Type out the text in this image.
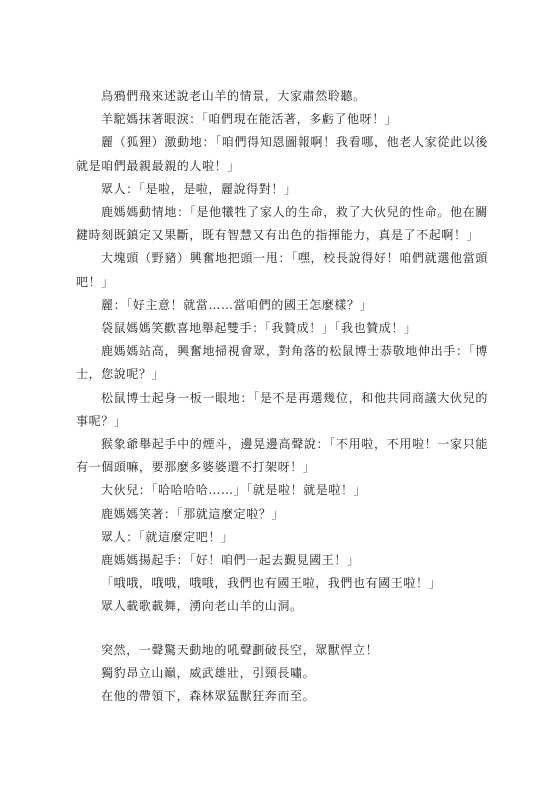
烏鴉們飛來述說老山羊的情景，大家肅然聆聽。

羊駝媽抹著眼淚：「咱們現在能活著，多虧了他呀！」

麗（狐狸）激動地：「咱們得知恩圖報啊！我看哪，他老人家從此以後就是咱們最親最親的人啦！」

眾人：「是啦，是啦，麗說得對！」

鹿媽媽動情地：「是他犧牲了家人的生命，救了大伙兒的性命。他在關鍵時刻既鎮定又果斷，既有智慧又有出色的指揮能力，真是了不起啊！」

大塊頭（野豬）興奮地把頭一甩：「嘿，校長說得好！咱們就選他當頭吧！」

麗：「好主意！就當……當咱們的國王怎麼樣？」

袋鼠媽媽笑歡喜地舉起雙手：「我贊成！」「我也贊成！」

鹿媽媽站高，興奮地掃視會眾，對角落的松鼠博士恭敬地伸出手：「博士，您說呢？」

松鼠博士起身一板一眼地：「是不是再選幾位，和他共同商議大伙兒的事呢？」

猴象爺舉起手中的煙斗，邊晃邊高聲說：「不用啦，不用啦！一家只能有一個頭嘛，要那麼多婆婆還不打架呀！」

大伙兒：「哈哈哈哈……」「就是啦！就是啦！」

鹿媽媽笑著：「那就這麼定啦？」

眾人：「就這麼定吧！」

鹿媽媽揚起手：「好！咱們一起去覲見國王！」

「哦哦，哦哦，哦哦，我們也有國王啦，我們也有國王啦！」

眾人載歌載舞，湧向老山羊的山洞。

突然，一聲驚天動地的吼聲劃破長空，眾獸悍立！

獨豹昂立山巔，威武雄壯，引頸長嘯。

在他的帶領下，森林眾猛獸狂奔而至。
